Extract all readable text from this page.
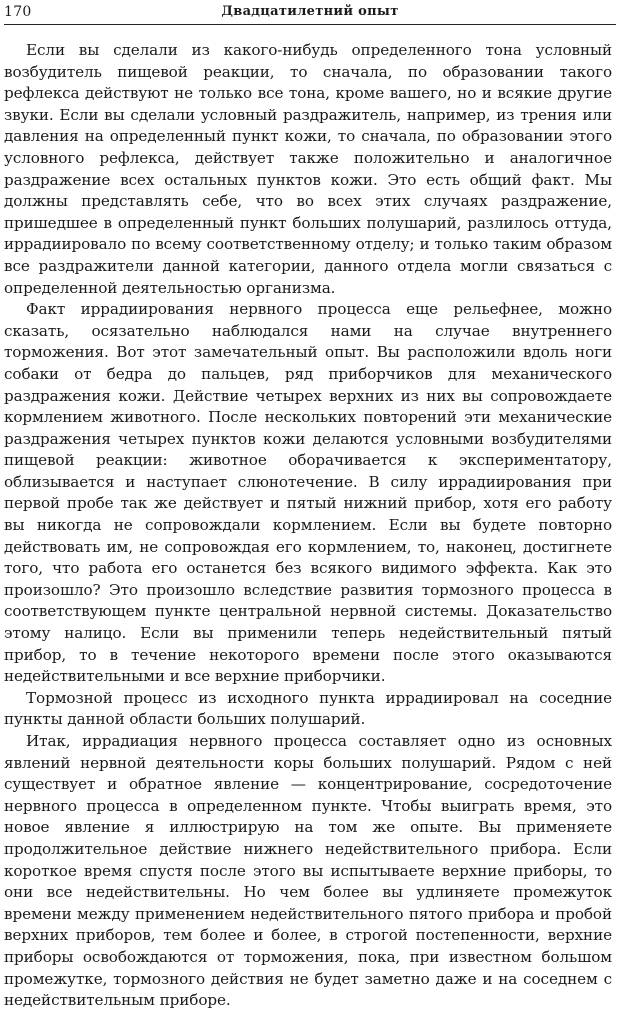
170	Двадцатилетний опыт

Если вы сделали из какого-нибудь определенного тона условный возбудитель пищевой реакции, то сначала, по образовании такого рефлекса действуют не только все тона, кроме вашего, но и всякие другие звуки. Если вы сделали условный раздражитель, например, из трения или давления на определенный пункт кожи, то сначала, по образовании этого условного рефлекса, действует также положительно и аналогичное раздражение всех остальных пунктов кожи. Это есть общий факт. Мы должны представлять себе, что во всех этих случаях раздражение, пришедшее в определенный пункт больших полушарий, разлилось оттуда, иррадиировало по всему соответственному отделу; и только таким образом все раздражители данной категории, данного отдела могли связаться с определенной деятельностью организма.

Факт иррадиирования нервного процесса еще рельефнее, можно сказать, осязательно наблюдался нами на случае внутреннего торможения. Вот этот замечательный опыт. Вы расположили вдоль ноги собаки от бедра до пальцев, ряд приборчиков для механического раздражения кожи. Действие четырех верхних из них вы сопровождаете кормлением животного. После нескольких повторений эти механические раздражения четырех пунктов кожи делаются условными возбудителями пищевой реакции: животное оборачивается к экспериментатору, облизывается и наступает слюнотечение. В силу иррадиирования при первой пробе так же действует и пятый нижний прибор, хотя его работу вы никогда не сопровождали кормлением. Если вы будете повторно действовать им, не сопровождая его кормлением, то, наконец, достигнете того, что работа его останется без всякого видимого эффекта. Как это произошло? Это произошло вследствие развития тормозного процесса в соответствующем пункте центральной нервной системы. Доказательство этому налицо. Если вы применили теперь недействительный пятый прибор, то в течение некоторого времени после этого оказываются недействительными и все верхние приборчики.

Тормозной процесс из исходного пункта иррадиировал на соседние пункты данной области больших полушарий.

Итак, иррадиация нервного процесса составляет одно из основных явлений нервной деятельности коры больших полушарий. Рядом с ней существует и обратное явление — концентрирование, сосредоточение нервного процесса в определенном пункте. Чтобы выиграть время, это новое явление я иллюстрирую на том же опыте. Вы применяете продолжительное действие нижнего недействительного прибора. Если короткое время спустя после этого вы испытываете верхние приборы, то они все недействительны. Но чем более вы удлиняете промежуток времени между применением недействительного пятого прибора и пробой верхних приборов, тем более и более, в строгой постепенности, верхние приборы освобождаются от торможения, пока, при известном большом промежутке, тормозного действия не будет заметно даже и на соседнем с недействительным приборе.
